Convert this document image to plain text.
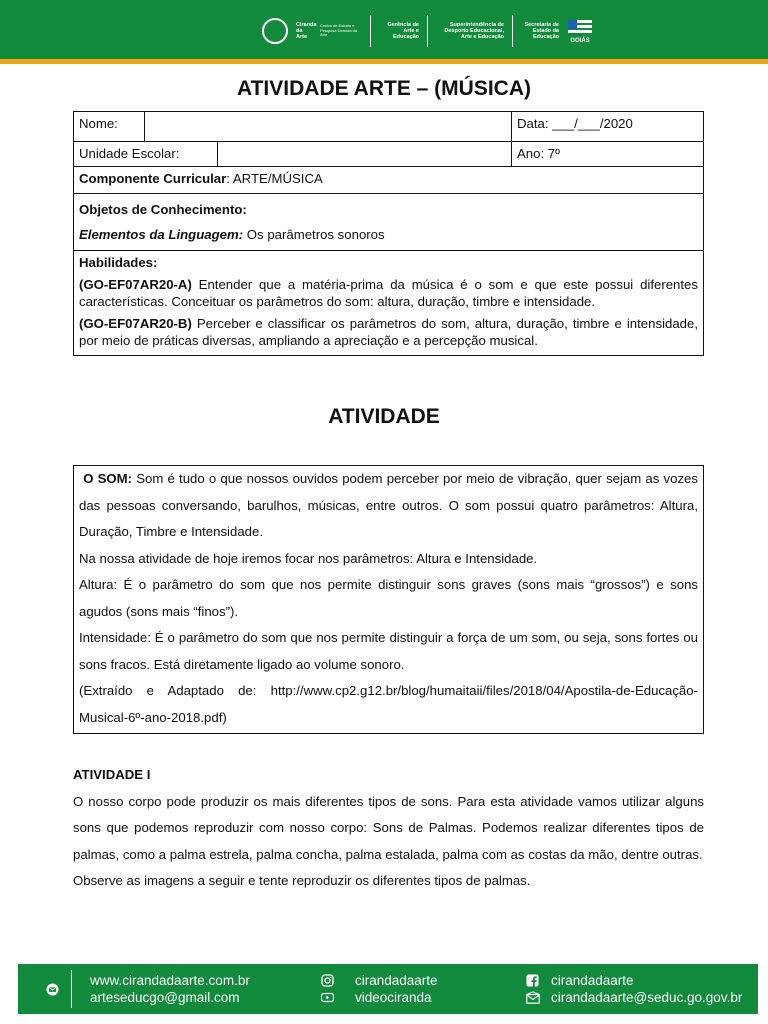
Ciranda da Arte
Centro de Estudo e Pesquisa Ciranda da Arte
Gerência de Arte e Educação
Superintendência de Desporto Educacional, Arte e Educação
Secretaria de Estado da Educação
GOIÁS
ATIVIDADE ARTE – (MÚSICA)
Nome:		Data: ___/___/2020

Unidade Escolar:		Ano: 7º
Componente Curricular: ARTE/MÚSICA		

Objetos de Conhecimento:
Elementos da Linguagem: Os parâmetros sonoros		

Habilidades:
(GO-EF07AR20-A) Entender que a matéria-prima da música é o som e que este possui diferentes características. Conceituar os parâmetros do som: altura, duração, timbre e intensidade.
(GO-EF07AR20-B) Perceber e classificar os parâmetros do som, altura, duração, timbre e intensidade, por meio de práticas diversas, ampliando a apreciação e a percepção musical.		
ATIVIDADE

O SOM: Som é tudo o que nossos ouvidos podem perceber por meio de vibração, quer sejam as vozes das pessoas conversando, barulhos, músicas, entre outros. O som possui quatro parâmetros: Altura, Duração, Timbre e Intensidade.

Na nossa atividade de hoje iremos focar nos parâmetros: Altura e Intensidade.

Altura: É o parâmetro do som que nos permite distinguir sons graves (sons mais “grossos”) e sons agudos (sons mais “finos”).

Intensidade: É o parâmetro do som que nos permite distinguir a força de um som, ou seja, sons fortes ou sons fracos. Está diretamente ligado ao volume sonoro.

(Extraído e Adaptado de: http://www.cp2.g12.br/blog/humaitaii/files/2018/04/Apostila-de-Educação-Musical-6º-ano-2018.pdf)

ATIVIDADE I

O nosso corpo pode produzir os mais diferentes tipos de sons. Para esta atividade vamos utilizar alguns sons que podemos reproduzir com nosso corpo: Sons de Palmas. Podemos realizar diferentes tipos de palmas, como a palma estrela, palma concha, palma estalada, palma com as costas da mão, dentre outras.

Observe as imagens a seguir e tente reproduzir os diferentes tipos de palmas.

www.cirandadaarte.com.br
arteseducgo@gmail.com
cirandadaarte
videociranda
cirandadaarte
cirandadaarte@seduc.go.gov.br
